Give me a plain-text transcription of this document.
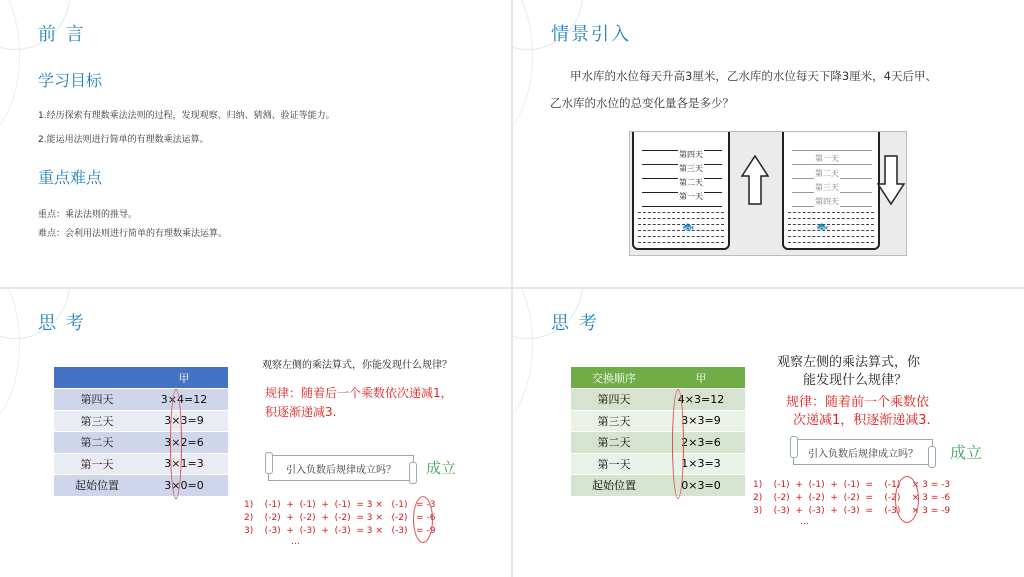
前 言
学习目标
1.经历探索有理数乘法法则的过程，发现观察、归纳、猜测、验证等能力。
2.能运用法则进行简单的有理数乘法运算。
重点难点
重点：乘法法则的推导。
难点：会利用法则进行简单的有理数乘法运算。
情景引入
甲水库的水位每天升高3厘米，乙水库的水位每天下降3厘米，4天后甲、
乙水库的水位的总变化量各是多少？
第四天
第三天
第二天
第一天
🐟
第一天
第二天
第三天
第四天
🐟
思 考
	甲
第四天	3×4=12
第三天	3×3=9
第二天	3×2=6
第一天	3×1=3
起始位置	3×0=0
观察左侧的乘法算式，你能发现什么规律？
规律：随着后一个乘数依次递减1，
积逐渐递减3.
引入负数后规律成立吗？	成立
1)    (-1)  +  (-1)  +  (-1)  = 3 ×   (-1)   = -3
2)    (-2)  +  (-2)  +  (-2)  = 3 ×   (-2)   = -6
3)    (-3)  +  (-3)  +  (-3)  = 3 ×   (-3)   = -9
…
思 考
交换顺序	甲
第四天	4×3=12
第三天	3×3=9
第二天	2×3=6
第一天	1×3=3
起始位置	0×3=0
观察左侧的乘法算式，你
能发现什么规律？
规律：随着前一个乘数依
次递减1，积逐渐递减3.
引入负数后规律成立吗？	成立
1)    (-1)  +  (-1)  +  (-1)  =    (-1)    × 3 = -3
2)    (-2)  +  (-2)  +  (-2)  =    (-2)    × 3 = -6
3)    (-3)  +  (-3)  +  (-3)  =    (-3)    × 3 = -9
…
